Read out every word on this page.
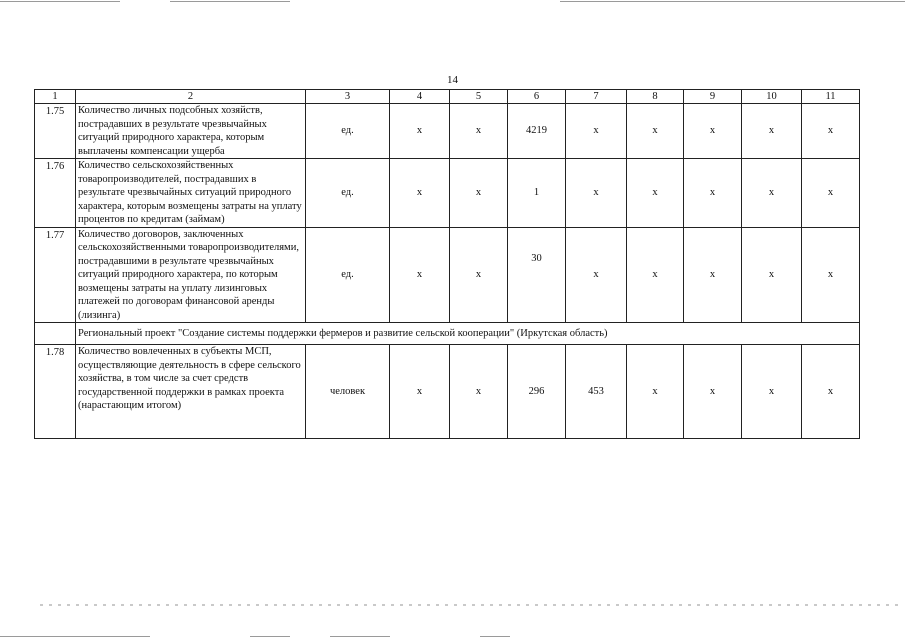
14
1	2	3	4	5	6	7	8	9	10	11
1.75	Количество личных подсобных хозяйств, пострадавших в результате чрезвычайных ситуаций природного характера, которым выплачены компенсации ущерба	ед.	х	х	4219	х	х	х	х	х
1.76	Количество сельскохозяйственных товаропроизводителей, пострадавших в результате чрезвычайных ситуаций природного характера, которым возмещены затраты на уплату процентов по кредитам (займам)	ед.	х	х	1	х	х	х	х	х
1.77	Количество договоров, заключенных сельскохозяйственными товаропроизводителями, пострадавшими в результате чрезвычайных ситуаций природного характера, по которым возмещены затраты на уплату лизинговых платежей по договорам финансовой аренды (лизинга)	ед.	х	х	30	х	х	х	х	х
	Региональный проект "Создание системы поддержки фермеров и развитие сельской кооперации" (Иркутская область)									
1.78	Количество вовлеченных в субъекты МСП, осуществляющие деятельность в сфере сельского хозяйства, в том числе за счет средств государственной поддержки в рамках проекта (нарастающим итогом)	человек	х	х	296	453	х	х	х	х
